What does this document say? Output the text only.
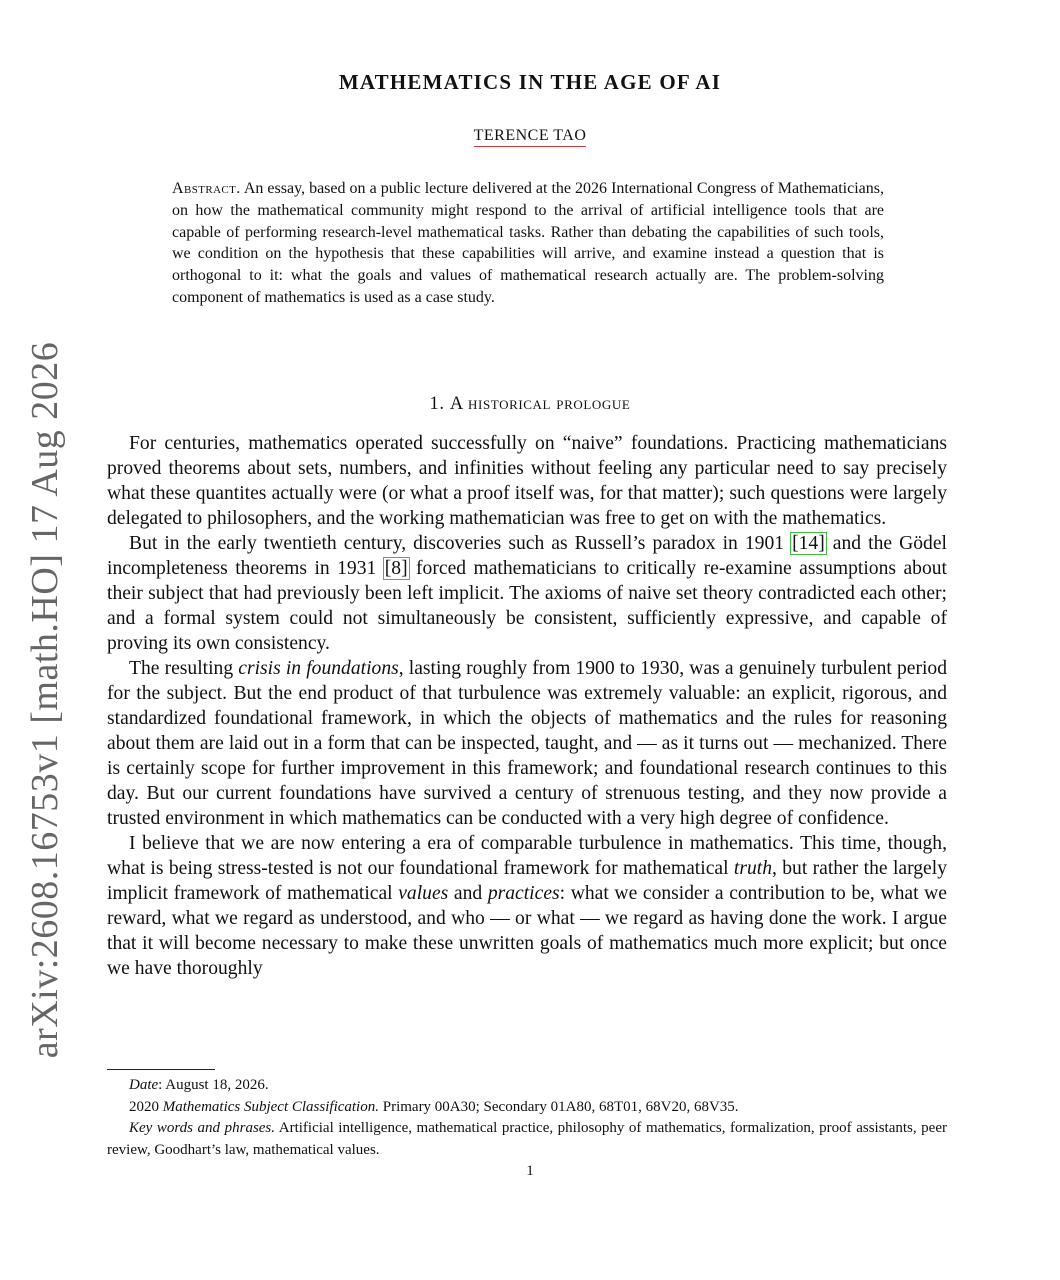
arXiv:2608.16753v1 [math.HO] 17 Aug 2026
MATHEMATICS IN THE AGE OF AI
TERENCE TAO
Abstract. An essay, based on a public lecture delivered at the 2026 International Congress of Mathematicians, on how the mathematical community might respond to the arrival of artificial intelligence tools that are capable of performing research-level mathematical tasks. Rather than debating the capabilities of such tools, we condition on the hypothesis that these capabilities will arrive, and examine instead a question that is orthogonal to it: what the goals and values of mathematical research actually are. The problem-solving component of mathematics is used as a case study.
1. A historical prologue

For centuries, mathematics operated successfully on “naive” foundations. Practicing mathematicians proved theorems about sets, numbers, and infinities without feeling any particular need to say precisely what these quantites actually were (or what a proof itself was, for that matter); such questions were largely delegated to philosophers, and the working mathematician was free to get on with the mathematics.

But in the early twentieth century, discoveries such as Russell’s paradox in 1901 [14] and the Gödel incompleteness theorems in 1931 [8] forced mathematicians to critically re-examine assumptions about their subject that had previously been left implicit. The axioms of naive set theory contradicted each other; and a formal system could not simultaneously be consistent, sufficiently expressive, and capable of proving its own consistency.

The resulting crisis in foundations, lasting roughly from 1900 to 1930, was a genuinely turbulent period for the subject. But the end product of that turbulence was extremely valuable: an explicit, rigorous, and standardized foundational framework, in which the objects of mathematics and the rules for reasoning about them are laid out in a form that can be inspected, taught, and — as it turns out — mechanized. There is certainly scope for further improvement in this framework; and foundational research continues to this day. But our current foundations have survived a century of strenuous testing, and they now provide a trusted environment in which mathematics can be conducted with a very high degree of confidence.

I believe that we are now entering a era of comparable turbulence in mathematics. This time, though, what is being stress-tested is not our foundational framework for mathematical truth, but rather the largely implicit framework of mathematical values and practices: what we consider a contribution to be, what we reward, what we regard as understood, and who — or what — we regard as having done the work. I argue that it will become necessary to make these unwritten goals of mathematics much more explicit; but once we have thoroughly

Date: August 18, 2026.

2020 Mathematics Subject Classification. Primary 00A30; Secondary 01A80, 68T01, 68V20, 68V35.

Key words and phrases. Artificial intelligence, mathematical practice, philosophy of mathematics, formalization, proof assistants, peer review, Goodhart’s law, mathematical values.

1
